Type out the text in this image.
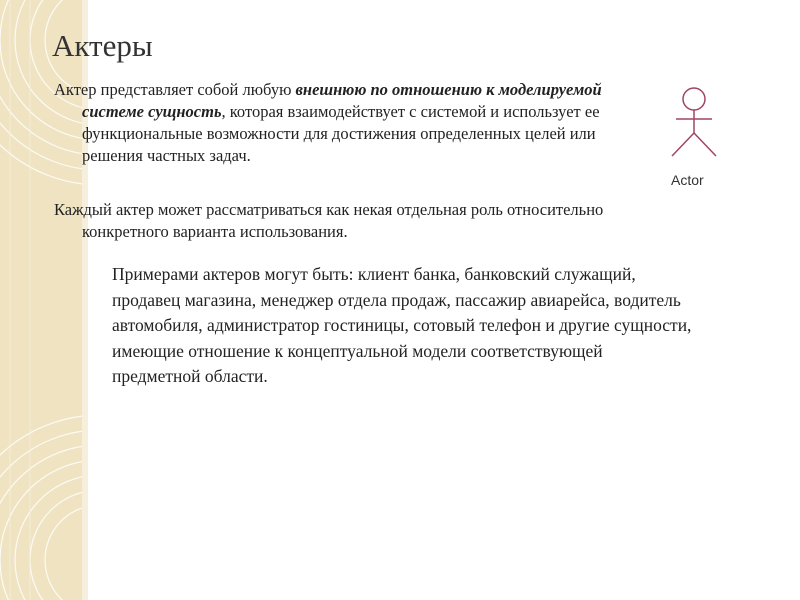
Актеры

Актер представляет собой любую внешнюю по отношению к моделируемой системе сущность, которая взаимодействует с системой и использует ее функциональные возможности для достижения определенных целей или решения частных задач.

Каждый актер может рассматриваться как некая отдельная роль относительно конкретного варианта использования.

Примерами актеров могут быть: клиент банка, банковский служащий, продавец магазина, менеджер отдела продаж, пассажир авиарейса, водитель автомобиля, администратор гостиницы, сотовый телефон и другие сущности, имеющие отношение к концептуальной модели соответствующей предметной области.

Actor
